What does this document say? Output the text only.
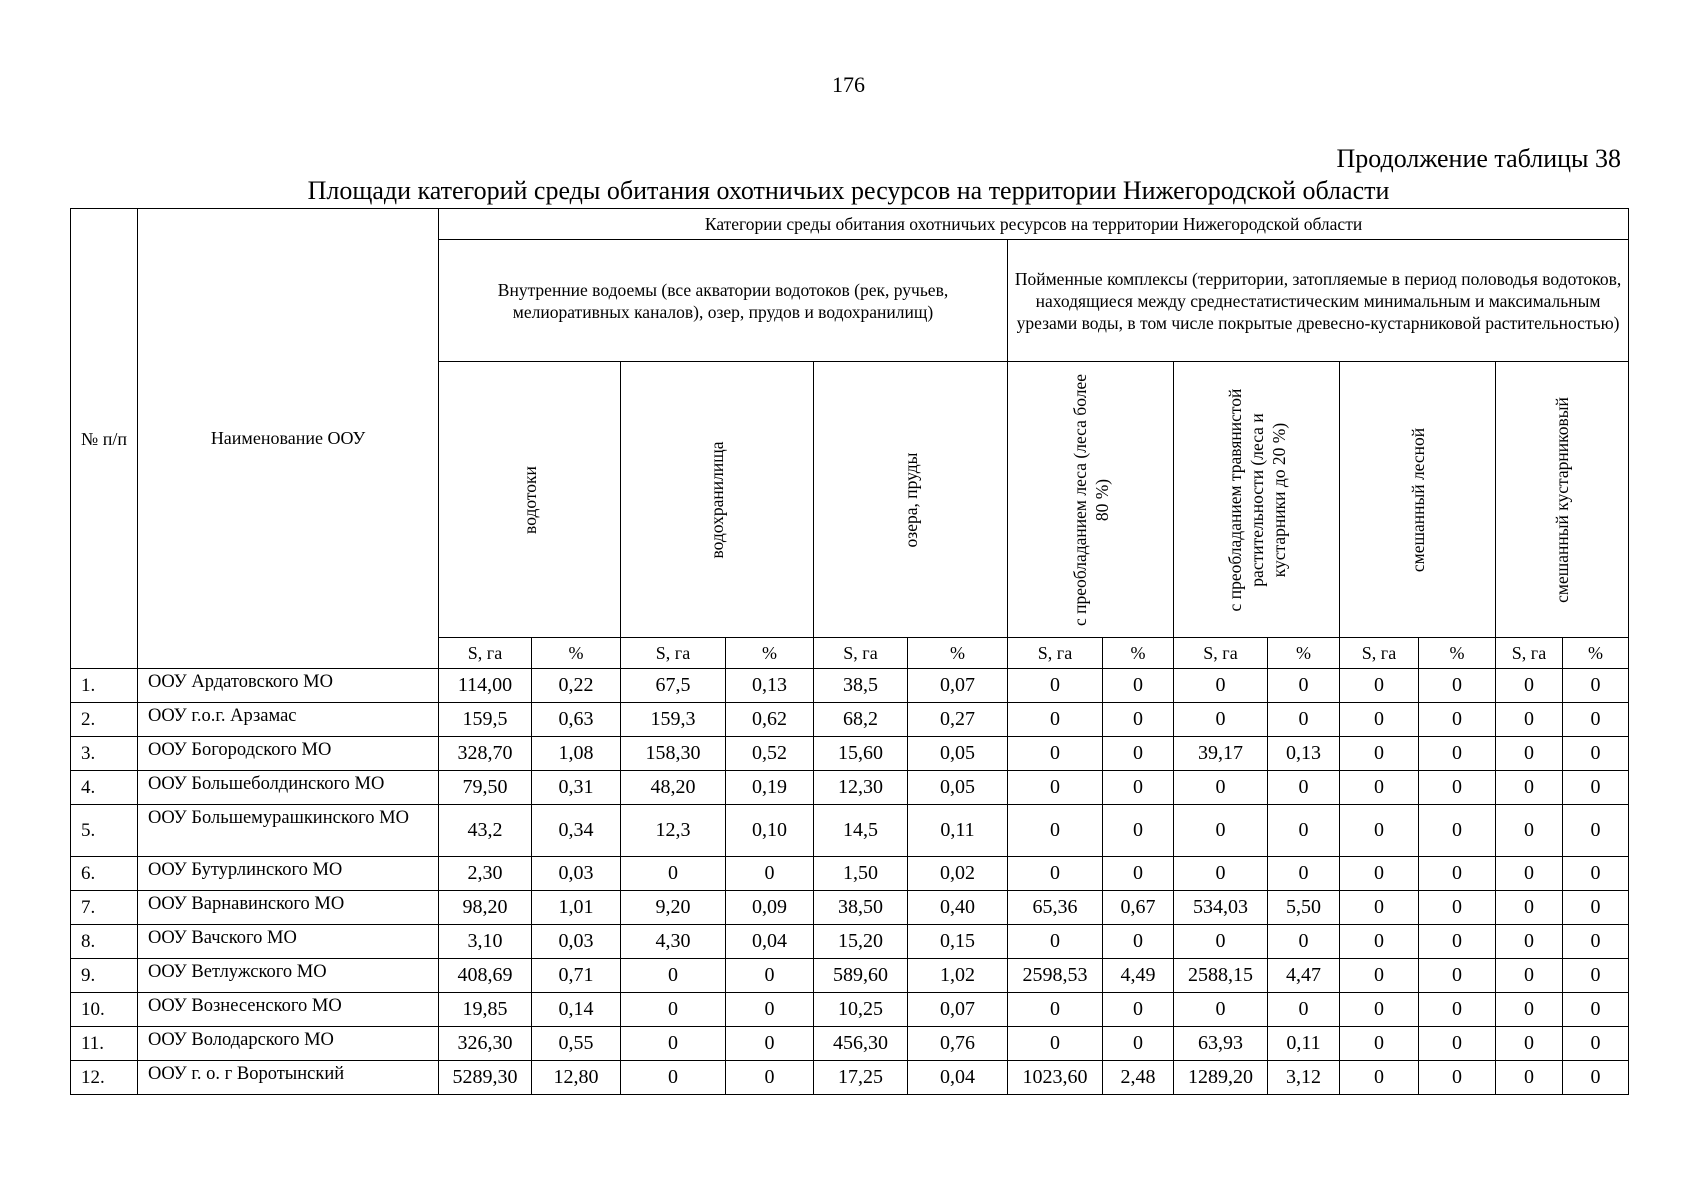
176
Продолжение таблицы 38
Площади категорий среды обитания охотничьих ресурсов на территории Нижегородской области
№ п/п	Наименование ООУ	Категории среды обитания охотничьих ресурсов на территории Нижегородской области													
		Внутренние водоемы (все акватории водотоков (рек, ручьев, мелиоративных каналов), озер, прудов и водохранилищ)						Пойменные комплексы (территории, затопляемые в период половодья водотоков, находящиеся между среднестатистическим минимальным и максимальным урезами воды, в том числе покрытые древесно-кустарниковой растительностью)							

		водотоки		водохранилища		озера, пруды		с преобладанием леса (леса более 80 %)		с преобладанием травянистой растительности (леса и кустарники до 20 %)		смешанный лесной		смешанный кустарниковый	

		S, га	%	S, га	%	S, га	%	S, га	%	S, га	%	S, га	%	S, га	%
1.	ООУ Ардатовского МО	114,00	0,22	67,5	0,13	38,5	0,07	0	0	0	0	0	0	0	0
2.	ООУ г.о.г. Арзамас	159,5	0,63	159,3	0,62	68,2	0,27	0	0	0	0	0	0	0	0
3.	ООУ Богородского МО	328,70	1,08	158,30	0,52	15,60	0,05	0	0	39,17	0,13	0	0	0	0
4.	ООУ Большеболдинского МО	79,50	0,31	48,20	0,19	12,30	0,05	0	0	0	0	0	0	0	0
5.	ООУ Большемурашкинского МО	43,2	0,34	12,3	0,10	14,5	0,11	0	0	0	0	0	0	0	0
6.	ООУ Бутурлинского МО	2,30	0,03	0	0	1,50	0,02	0	0	0	0	0	0	0	0
7.	ООУ Варнавинского МО	98,20	1,01	9,20	0,09	38,50	0,40	65,36	0,67	534,03	5,50	0	0	0	0
8.	ООУ Вачского МО	3,10	0,03	4,30	0,04	15,20	0,15	0	0	0	0	0	0	0	0
9.	ООУ Ветлужского МО	408,69	0,71	0	0	589,60	1,02	2598,53	4,49	2588,15	4,47	0	0	0	0
10.	ООУ Вознесенского МО	19,85	0,14	0	0	10,25	0,07	0	0	0	0	0	0	0	0
11.	ООУ Володарского МО	326,30	0,55	0	0	456,30	0,76	0	0	63,93	0,11	0	0	0	0
12.	ООУ г. о. г Воротынский	5289,30	12,80	0	0	17,25	0,04	1023,60	2,48	1289,20	3,12	0	0	0	0
